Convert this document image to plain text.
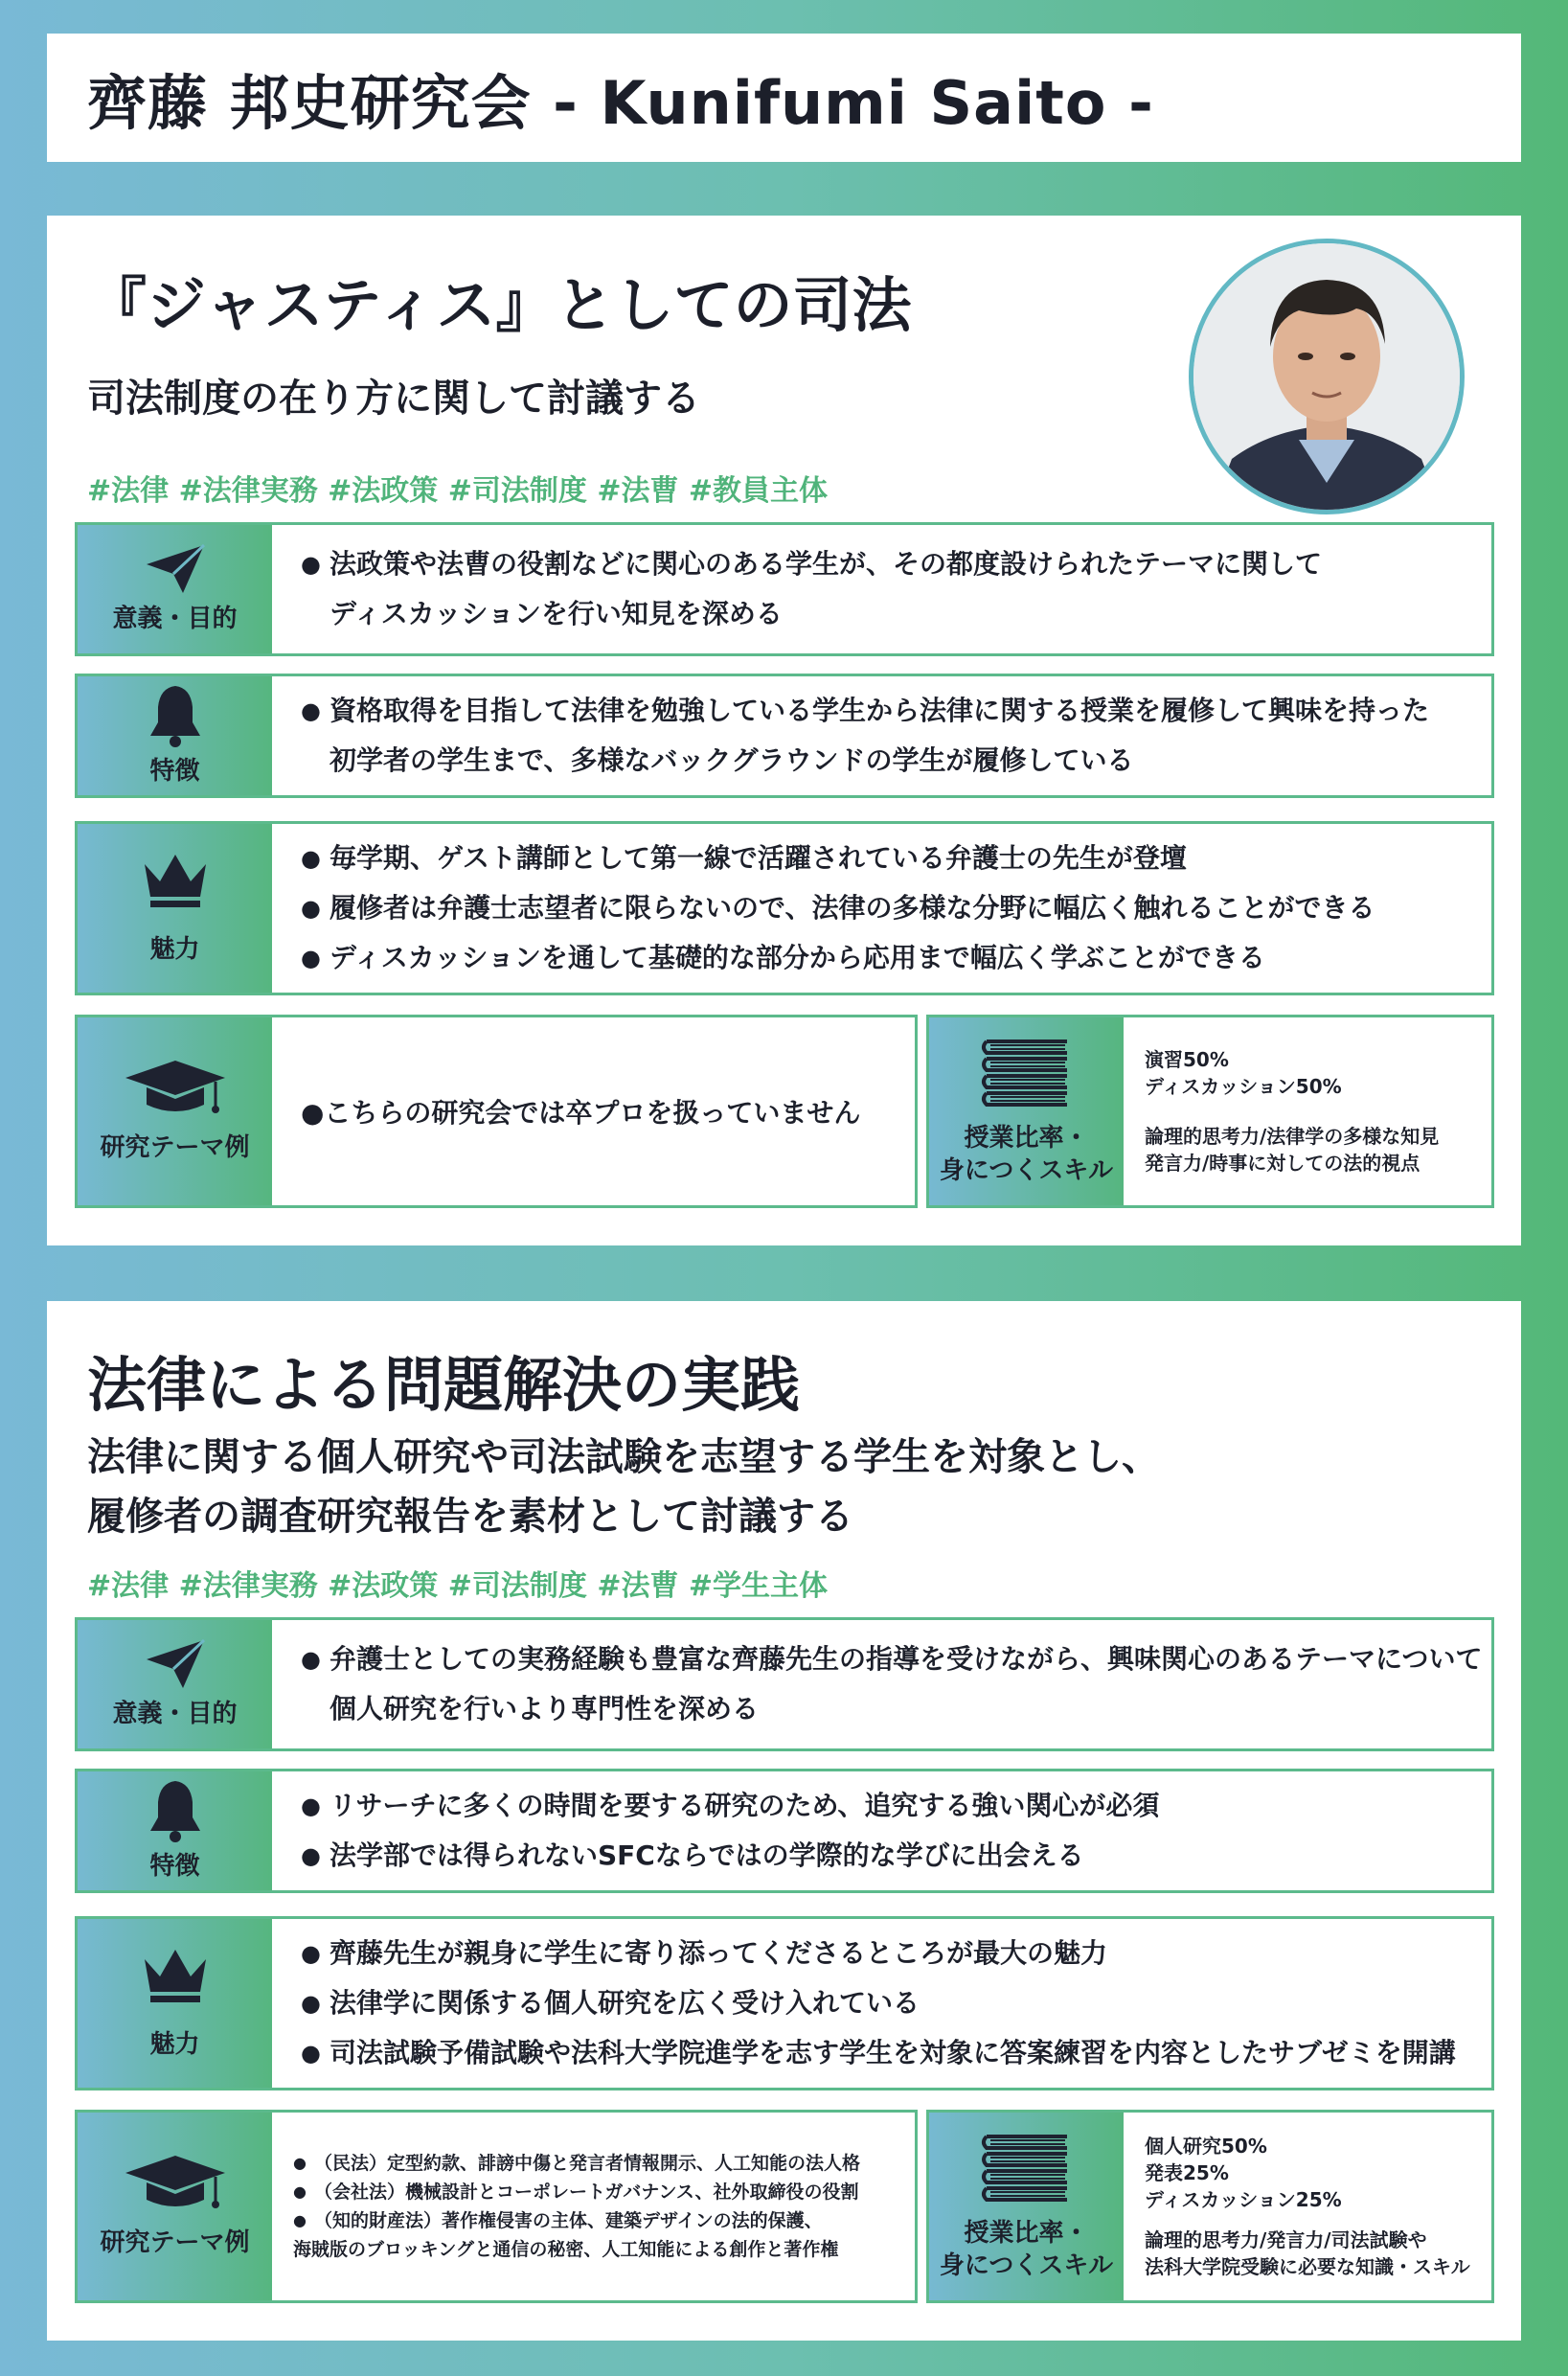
齊藤 邦史研究会 - Kunifumi Saito -
『ジャスティス』としての司法
司法制度の在り方に関して討議する
#法律 #法律実務 #法政策 #司法制度 #法曹 #教員主体
意義・目的
● 法政策や法曹の役割などに関心のある学生が、その都度設けられたテーマに関して
ディスカッションを行い知見を深める
特徴
● 資格取得を目指して法律を勉強している学生から法律に関する授業を履修して興味を持った
初学者の学生まで、多様なバックグラウンドの学生が履修している
魅力
● 毎学期、ゲスト講師として第一線で活躍されている弁護士の先生が登壇
● 履修者は弁護士志望者に限らないので、法律の多様な分野に幅広く触れることができる
● ディスカッションを通して基礎的な部分から応用まで幅広く学ぶことができる
研究テーマ例
●こちらの研究会では卒プロを扱っていません
授業比率・
身につくスキル
演習50%
ディスカッション50%
論理的思考力/法律学の多様な知見
発言力/時事に対しての法的視点
法律による問題解決の実践
法律に関する個人研究や司法試験を志望する学生を対象とし、
履修者の調査研究報告を素材として討議する
#法律 #法律実務 #法政策 #司法制度 #法曹 #学生主体
意義・目的
● 弁護士としての実務経験も豊富な齊藤先生の指導を受けながら、興味関心のあるテーマについて
個人研究を行いより専門性を深める
特徴
● リサーチに多くの時間を要する研究のため、追究する強い関心が必須
● 法学部では得られないSFCならではの学際的な学びに出会える
魅力
● 齊藤先生が親身に学生に寄り添ってくださるところが最大の魅力
● 法律学に関係する個人研究を広く受け入れている
● 司法試験予備試験や法科大学院進学を志す学生を対象に答案練習を内容としたサブゼミを開講
研究テーマ例
● （民法）定型約款、誹謗中傷と発言者情報開示、人工知能の法人格
● （会社法）機械設計とコーポレートガバナンス、社外取締役の役割
● （知的財産法）著作権侵害の主体、建築デザインの法的保護、
海賊版のブロッキングと通信の秘密、人工知能による創作と著作権
授業比率・
身につくスキル
個人研究50%
発表25%
ディスカッション25%
論理的思考力/発言力/司法試験や
法科大学院受験に必要な知識・スキル
